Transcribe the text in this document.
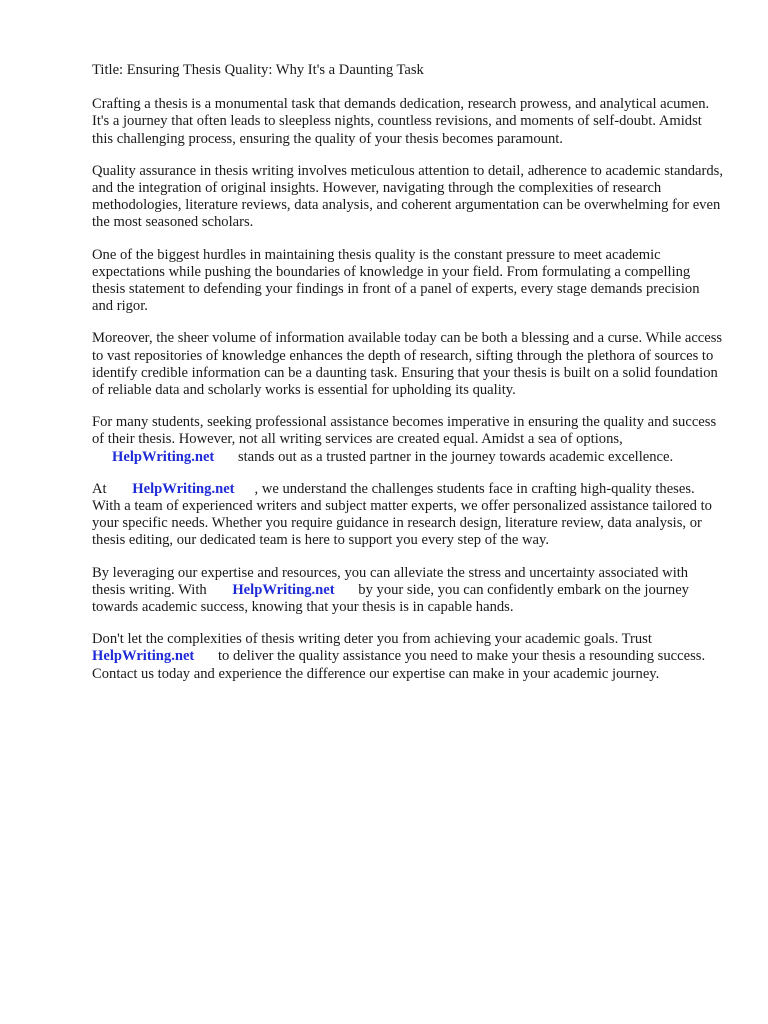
Title: Ensuring Thesis Quality: Why It's a Daunting Task

Crafting a thesis is a monumental task that demands dedication, research prowess, and analytical acumen. It's a journey that often leads to sleepless nights, countless revisions, and moments of self-doubt. Amidst this challenging process, ensuring the quality of your thesis becomes paramount.

Quality assurance in thesis writing involves meticulous attention to detail, adherence to academic standards, and the integration of original insights. However, navigating through the complexities of research methodologies, literature reviews, data analysis, and coherent argumentation can be overwhelming for even the most seasoned scholars.

One of the biggest hurdles in maintaining thesis quality is the constant pressure to meet academic expectations while pushing the boundaries of knowledge in your field. From formulating a compelling thesis statement to defending your findings in front of a panel of experts, every stage demands precision and rigor.

Moreover, the sheer volume of information available today can be both a blessing and a curse. While access to vast repositories of knowledge enhances the depth of research, sifting through the plethora of sources to identify credible information can be a daunting task. Ensuring that your thesis is built on a solid foundation of reliable data and scholarly works is essential for upholding its quality.

For many students, seeking professional assistance becomes imperative in ensuring the quality and success of their thesis. However, not all writing services are created equal. Amidst a sea of options, HelpWriting.net stands out as a trusted partner in the journey towards academic excellence.

At HelpWriting.net , we understand the challenges students face in crafting high-quality theses. With a team of experienced writers and subject matter experts, we offer personalized assistance tailored to your specific needs. Whether you require guidance in research design, literature review, data analysis, or thesis editing, our dedicated team is here to support you every step of the way.

By leveraging our expertise and resources, you can alleviate the stress and uncertainty associated with thesis writing. With HelpWriting.net by your side, you can confidently embark on the journey towards academic success, knowing that your thesis is in capable hands.

Don't let the complexities of thesis writing deter you from achieving your academic goals. Trust HelpWriting.net to deliver the quality assistance you need to make your thesis a resounding success. Contact us today and experience the difference our expertise can make in your academic journey.
